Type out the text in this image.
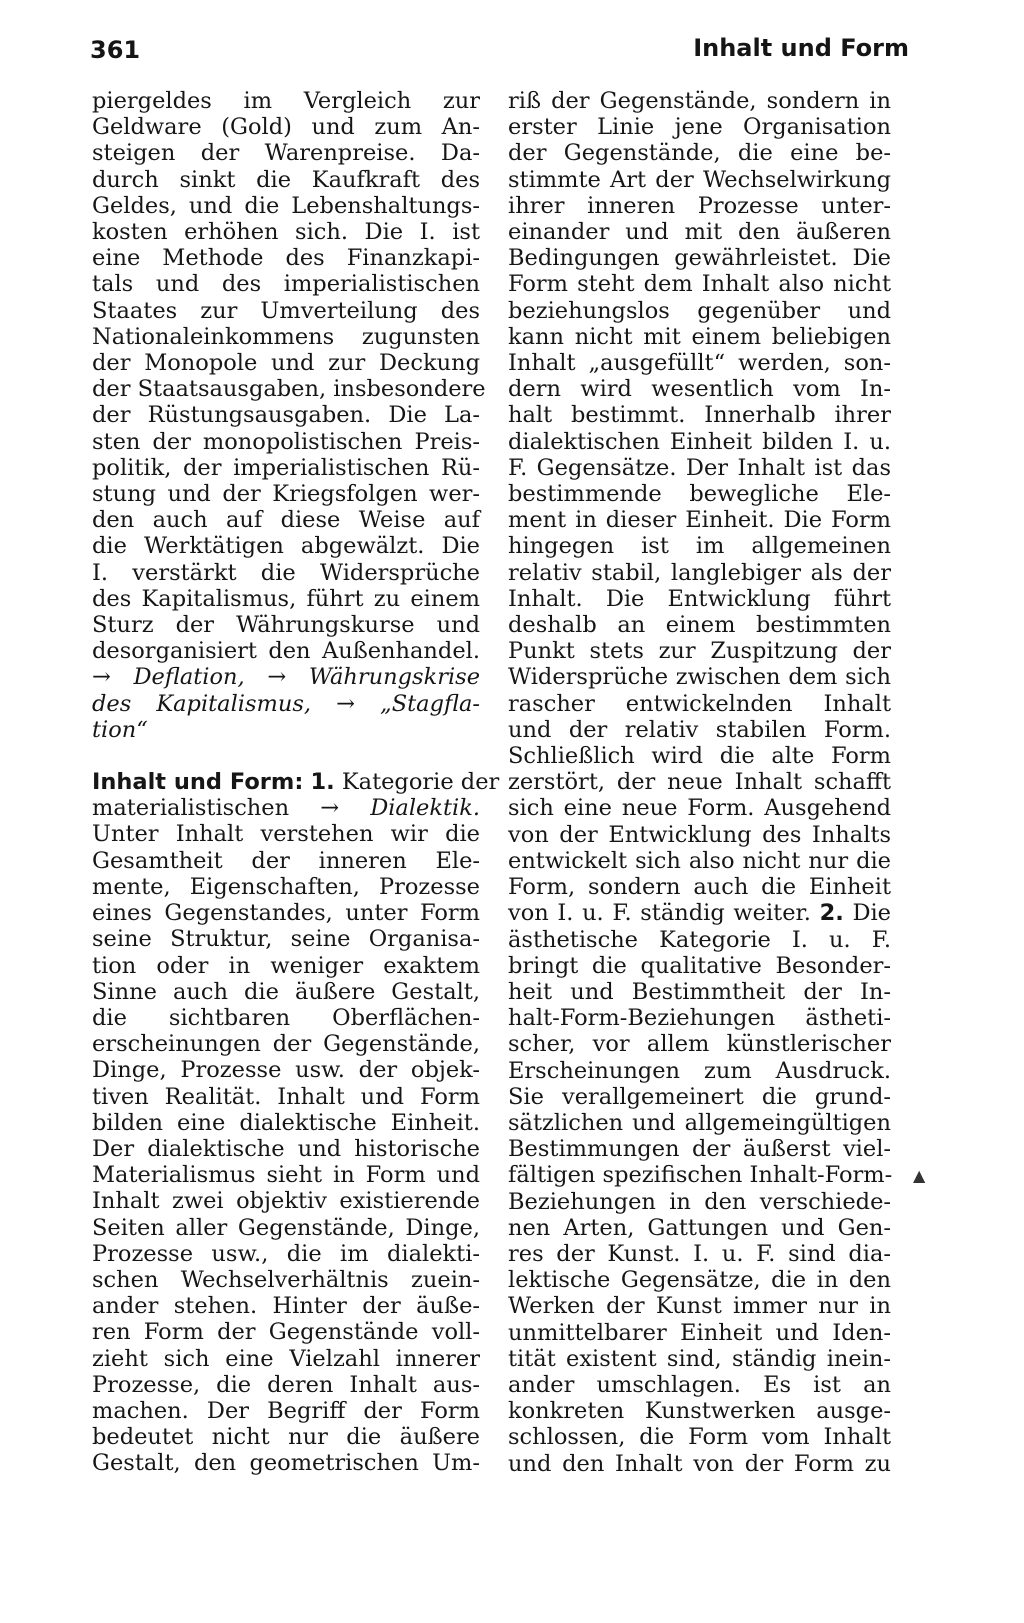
361	Inhalt und Form
piergeldes im Vergleich zur
Geldware (Gold) und zum An-
steigen der Warenpreise. Da-
durch sinkt die Kaufkraft des
Geldes, und die Lebenshaltungs-
kosten erhöhen sich. Die I. ist
eine Methode des Finanzkapi-
tals und des imperialistischen
Staates zur Umverteilung des
Nationaleinkommens zugunsten
der Monopole und zur Deckung
der Staatsausgaben, insbesondere
der Rüstungsausgaben. Die La-
sten der monopolistischen Preis-
politik, der imperialistischen Rü-
stung und der Kriegsfolgen wer-
den auch auf diese Weise auf
die Werktätigen abgewälzt. Die
I. verstärkt die Widersprüche
des Kapitalismus, führt zu einem
Sturz der Währungskurse und
desorganisiert den Außenhandel.
→ Deflation, → Währungskrise
des Kapitalismus, → „Stagfla-
tion“
Inhalt und Form: 1. Kategorie der
materialistischen → Dialektik.
Unter Inhalt verstehen wir die
Gesamtheit der inneren Ele-
mente, Eigenschaften, Prozesse
eines Gegenstandes, unter Form
seine Struktur, seine Organisa-
tion oder in weniger exaktem
Sinne auch die äußere Gestalt,
die sichtbaren Oberflächen-
erscheinungen der Gegenstände,
Dinge, Prozesse usw. der objek-
tiven Realität. Inhalt und Form
bilden eine dialektische Einheit.
Der dialektische und historische
Materialismus sieht in Form und
Inhalt zwei objektiv existierende
Seiten aller Gegenstände, Dinge,
Prozesse usw., die im dialekti-
schen Wechselverhältnis zuein-
ander stehen. Hinter der äuße-
ren Form der Gegenstände voll-
zieht sich eine Vielzahl innerer
Prozesse, die deren Inhalt aus-
machen. Der Begriff der Form
bedeutet nicht nur die äußere
Gestalt, den geometrischen Um-
riß der Gegenstände, sondern in
erster Linie jene Organisation
der Gegenstände, die eine be-
stimmte Art der Wechselwirkung
ihrer inneren Prozesse unter-
einander und mit den äußeren
Bedingungen gewährleistet. Die
Form steht dem Inhalt also nicht
beziehungslos gegenüber und
kann nicht mit einem beliebigen
Inhalt „ausgefüllt“ werden, son-
dern wird wesentlich vom In-
halt bestimmt. Innerhalb ihrer
dialektischen Einheit bilden I. u.
F. Gegensätze. Der Inhalt ist das
bestimmende bewegliche Ele-
ment in dieser Einheit. Die Form
hingegen ist im allgemeinen
relativ stabil, langlebiger als der
Inhalt. Die Entwicklung führt
deshalb an einem bestimmten
Punkt stets zur Zuspitzung der
Widersprüche zwischen dem sich
rascher entwickelnden Inhalt
und der relativ stabilen Form.
Schließlich wird die alte Form
zerstört, der neue Inhalt schafft
sich eine neue Form. Ausgehend
von der Entwicklung des Inhalts
entwickelt sich also nicht nur die
Form, sondern auch die Einheit
von I. u. F. ständig weiter. 2. Die
ästhetische Kategorie I. u. F.
bringt die qualitative Besonder-
heit und Bestimmtheit der In-
halt-Form-Beziehungen ästheti-
scher, vor allem künstlerischer
Erscheinungen zum Ausdruck.
Sie verallgemeinert die grund-
sätzlichen und allgemeingültigen
Bestimmungen der äußerst viel-
fältigen spezifischen Inhalt-Form-
Beziehungen in den verschiede-
nen Arten, Gattungen und Gen-
res der Kunst. I. u. F. sind dia-
lektische Gegensätze, die in den
Werken der Kunst immer nur in
unmittelbarer Einheit und Iden-
tität existent sind, ständig inein-
ander umschlagen. Es ist an
konkreten Kunstwerken ausge-
schlossen, die Form vom Inhalt
und den Inhalt von der Form zu
▲
